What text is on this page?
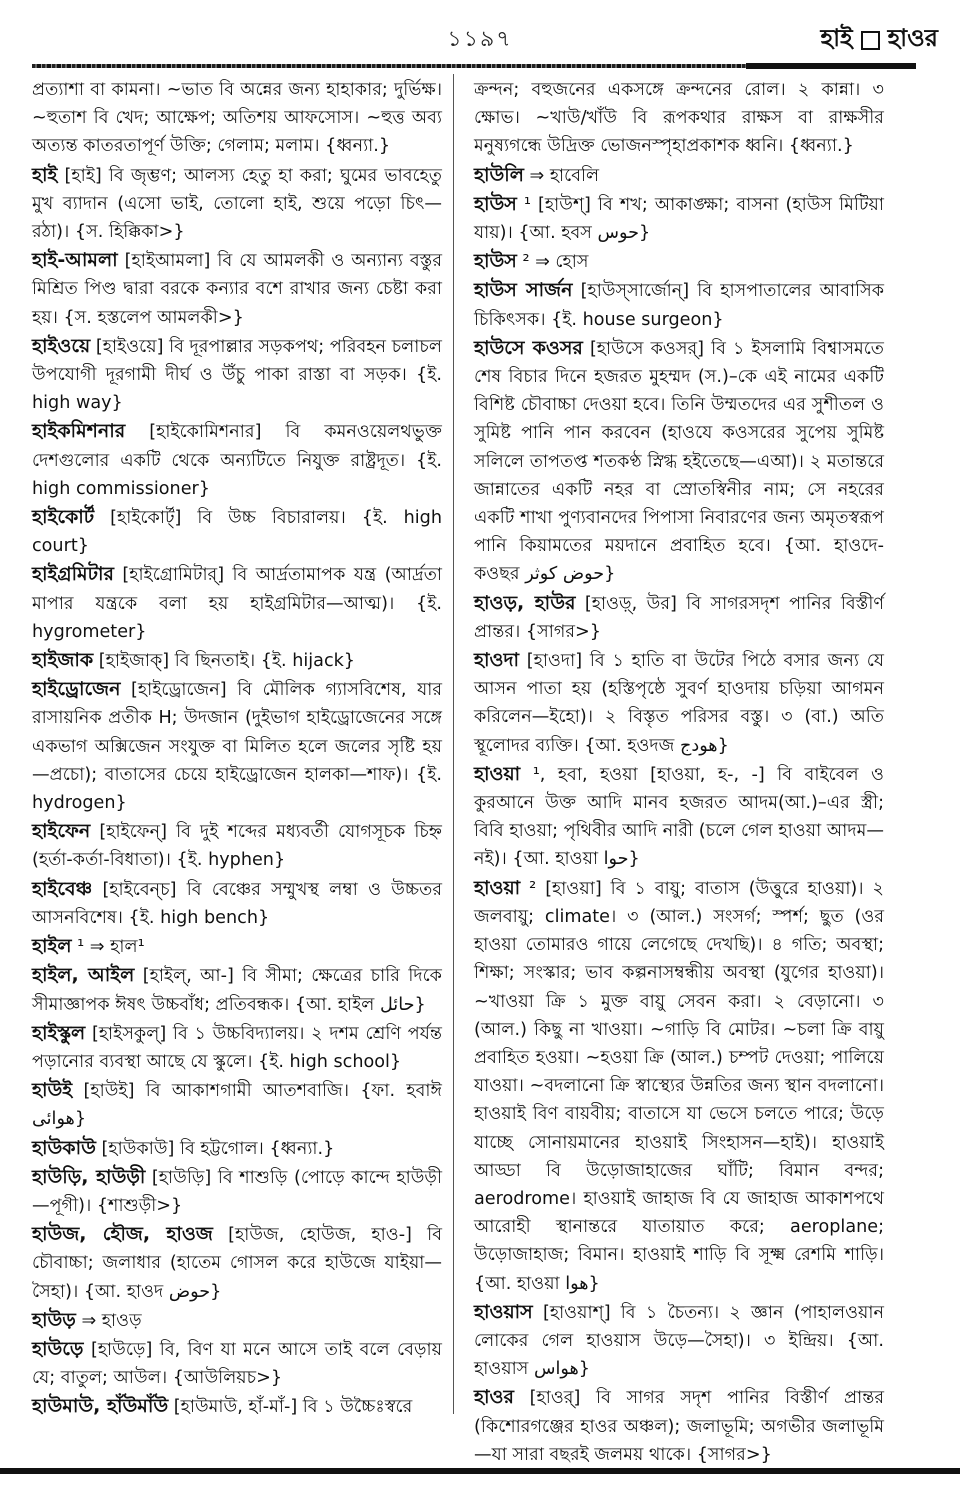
১১৯৭	হাই হাওর

প্রত্যাশা বা কামনা। ~ভাত বি অন্নের জন্য হাহাকার; দুর্ভিক্ষ। ~হুতাশ বি খেদ; আক্ষেপ; অতিশয় আফসোস। ~হুত্ত অব্য অত্যন্ত কাতরতাপূর্ণ উক্তি; গেলাম; মলাম। {ধ্বন্যা.}

হাই [হাই] বি জৃম্ভণ; আলস্য হেতু হা করা; ঘুমের ভাবহেতু মুখ ব্যাদান (এসো ভাই, তোলো হাই, শুয়ে পড়ো চিৎ—রঠা)। {স. হিক্কিকা>}

হাই-আমলা [হাইআমলা] বি যে আমলকী ও অন্যান্য বস্তুর মিশ্রিত পিণ্ড দ্বারা বরকে কন্যার বশে রাখার জন্য চেষ্টা করা হয়। {স. হস্তলেপ আমলকী>}

হাইওয়ে [হাইওয়ে] বি দূরপাল্লার সড়কপথ; পরিবহন চলাচল উপযোগী দূরগামী দীর্ঘ ও উঁচু পাকা রাস্তা বা সড়ক। {ই. high way}

হাইকমিশনার [হাইকোমিশনার] বি কমনওয়েলথভুক্ত দেশগুলোর একটি থেকে অন্যটিতে নিযুক্ত রাষ্ট্রদূত। {ই. high commissioner}

হাইকোর্ট [হাইকোর্ট্] বি উচ্চ বিচারালয়। {ই. high court}

হাইগ্রমিটার [হাইগ্রোমিটার্] বি আর্দ্রতামাপক যন্ত্র (আর্দ্রতা মাপার যন্ত্রকে বলা হয় হাইগ্রমিটার—আত্ম)। {ই. hygrometer}

হাইজাক [হাইজাক্] বি ছিনতাই। {ই. hijack}

হাইড্রোজেন [হাইড্রোজেন] বি মৌলিক গ্যাসবিশেষ, যার রাসায়নিক প্রতীক H; উদজান (দুইভাগ হাইড্রোজেনের সঙ্গে একভাগ অক্সিজেন সংযুক্ত বা মিলিত হলে জলের সৃষ্টি হয়—প্রচো); বাতাসের চেয়ে হাইড্রোজেন হালকা—শাফ)। {ই. hydrogen}

হাইফেন [হাইফেন্] বি দুই শব্দের মধ্যবর্তী যোগসূচক চিহ্ন (হর্তা-কর্তা-বিধাতা)। {ই. hyphen}

হাইবেঞ্চ [হাইবেন্চ] বি বেঞ্চের সম্মুখস্থ লম্বা ও উচ্চতর আসনবিশেষ। {ই. high bench}

হাইল ¹ ⇒ হাল¹

হাইল, আইল [হাইল্, আ-] বি সীমা; ক্ষেত্রের চারি দিকে সীমাজ্ঞাপক ঈষৎ উচ্চবাঁধ; প্রতিবন্ধক। {আ. হাইল حائل}

হাইস্কুল [হাইসকুল্] বি ১ উচ্চবিদ্যালয়। ২ দশম শ্রেণি পর্যন্ত পড়ানোর ব্যবস্থা আছে যে স্কুলে। {ই. high school}

হাউই [হাউই] বি আকাশগামী আতশবাজি। {ফা. হবাঈ هوائی}

হাউকাউ [হাউকাউ] বি হট্টগোল। {ধ্বন্যা.}

হাউড়ি, হাউড়ী [হাউড়ি] বি শাশুড়ি (পোড়ে কান্দে হাউড়ী—পূগী)। {শাশুড়ী>}

হাউজ, হৌজ, হাওজ [হাউজ, হোউজ, হাও-] বি চৌবাচ্চা; জলাধার (হাতেম গোসল করে হাউজে যাইয়া—সৈহা)। {আ. হাওদ حوض}

হাউড় ⇒ হাওড়

হাউড়ে [হাউড়ে] বি, বিণ যা মনে আসে তাই বলে বেড়ায় যে; বাতুল; আউল। {আউলিয়চ>}

হাউমাউ, হাঁউমাঁউ [হাউমাউ, হাঁ-মাঁ-] বি ১ উচ্চৈঃস্বরে

ক্রন্দন; বহুজনের একসঙ্গে ক্রন্দনের রোল। ২ কান্না। ৩ ক্ষোভ। ~খাউ/খাঁউ বি রূপকথার রাক্ষস বা রাক্ষসীর মনুষ্যগন্ধে উদ্রিক্ত ভোজনস্পৃহাপ্রকাশক ধ্বনি। {ধ্বন্যা.}

হাউলি ⇒ হাবেলি

হাউস ¹ [হাউশ্] বি শখ; আকাঙ্ক্ষা; বাসনা (হাউস মিটিয়া যায়)। {আ. হবস حوس}

হাউস ² ⇒ হোস

হাউস সার্জন [হাউস্‌সার্জোন্] বি হাসপাতালের আবাসিক চিকিৎসক। {ই. house surgeon}

হাউসে কওসর [হাউসে কওসর্] বি ১ ইসলামি বিশ্বাসমতে শেষ বিচার দিনে হজরত মুহম্মদ (স.)–কে এই নামের একটি বিশিষ্ট চৌবাচ্চা দেওয়া হবে। তিনি উম্মতদের এর সুশীতল ও সুমিষ্ট পানি পান করবেন (হাওযে কওসরের সুপেয় সুমিষ্ট সলিলে তাপতপ্ত শতকণ্ঠ স্নিগ্ধ হইতেছে—এআ)। ২ মতান্তরে জান্নাতের একটি নহর বা স্রোতস্বিনীর নাম; সে নহরের একটি শাখা পুণ্যবানদের পিপাসা নিবারণের জন্য অমৃতস্বরূপ পানি কিয়ামতের ময়দানে প্রবাহিত হবে। {আ. হাওদে-কওছর حوض کوثر}

হাওড়, হাউর [হাওড়্, উর] বি সাগরসদৃশ পানির বিস্তীর্ণ প্রান্তর। {সাগর>}

হাওদা [হাওদা] বি ১ হাতি বা উটের পিঠে বসার জন্য যে আসন পাতা হয় (হস্তিপৃষ্ঠে সুবর্ণ হাওদায় চড়িয়া আগমন করিলেন—ইহো)। ২ বিস্তৃত পরিসর বস্তু। ৩ (বা.) অতি স্থূলোদর ব্যক্তি। {আ. হওদজ هودج}

হাওয়া ¹, হবা, হওয়া [হাওয়া, হ-, -] বি বাইবেল ও কুরআনে উক্ত আদি মানব হজরত আদম(আ.)–এর স্ত্রী; বিবি হাওয়া; পৃথিবীর আদি নারী (চলে গেল হাওয়া আদম—নই)। {আ. হাওয়া حوا}

হাওয়া ² [হাওয়া] বি ১ বায়ু; বাতাস (উত্তুরে হাওয়া)। ২ জলবায়ু; climate। ৩ (আল.) সংসর্গ; স্পর্শ; ছুত (ওর হাওয়া তোমারও গায়ে লেগেছে দেখছি)। ৪ গতি; অবস্থা; শিক্ষা; সংস্কার; ভাব কল্পনাসম্বন্ধীয় অবস্থা (যুগের হাওয়া)। ~খাওয়া ক্রি ১ মুক্ত বায়ু সেবন করা। ২ বেড়ানো। ৩ (আল.) কিছু না খাওয়া। ~গাড়ি বি মোটর। ~চলা ক্রি বায়ু প্রবাহিত হওয়া। ~হওয়া ক্রি (আল.) চম্পট দেওয়া; পালিয়ে যাওয়া। ~বদলানো ক্রি স্বাস্থ্যের উন্নতির জন্য স্থান বদলানো। হাওয়াই বিণ বায়বীয়; বাতাসে যা ভেসে চলতে পারে; উড়ে যাচ্ছে সোনায়মানের হাওয়াই সিংহাসন—হাই)। হাওয়াই আড্ডা বি উড়োজাহাজের ঘাঁটি; বিমান বন্দর; aerodrome। হাওয়াই জাহাজ বি যে জাহাজ আকাশপথে আরোহী স্থানান্তরে যাতায়াত করে; aeroplane; উড়োজাহাজ; বিমান। হাওয়াই শাড়ি বি সূক্ষ্ম রেশমি শাড়ি। {আ. হাওয়া هوا}

হাওয়াস [হাওয়াশ্] বি ১ চৈতন্য। ২ জ্ঞান (পাহালওয়ান লোকের গেল হাওয়াস উড়ে—সৈহা)। ৩ ইন্দ্রিয়। {আ. হাওয়াস هواس}

হাওর [হাওর্] বি সাগর সদৃশ পানির বিস্তীর্ণ প্রান্তর (কিশোরগঞ্জের হাওর অঞ্চল); জলাভূমি; অগভীর জলাভূমি—যা সারা বছরই জলময় থাকে। {সাগর>}
